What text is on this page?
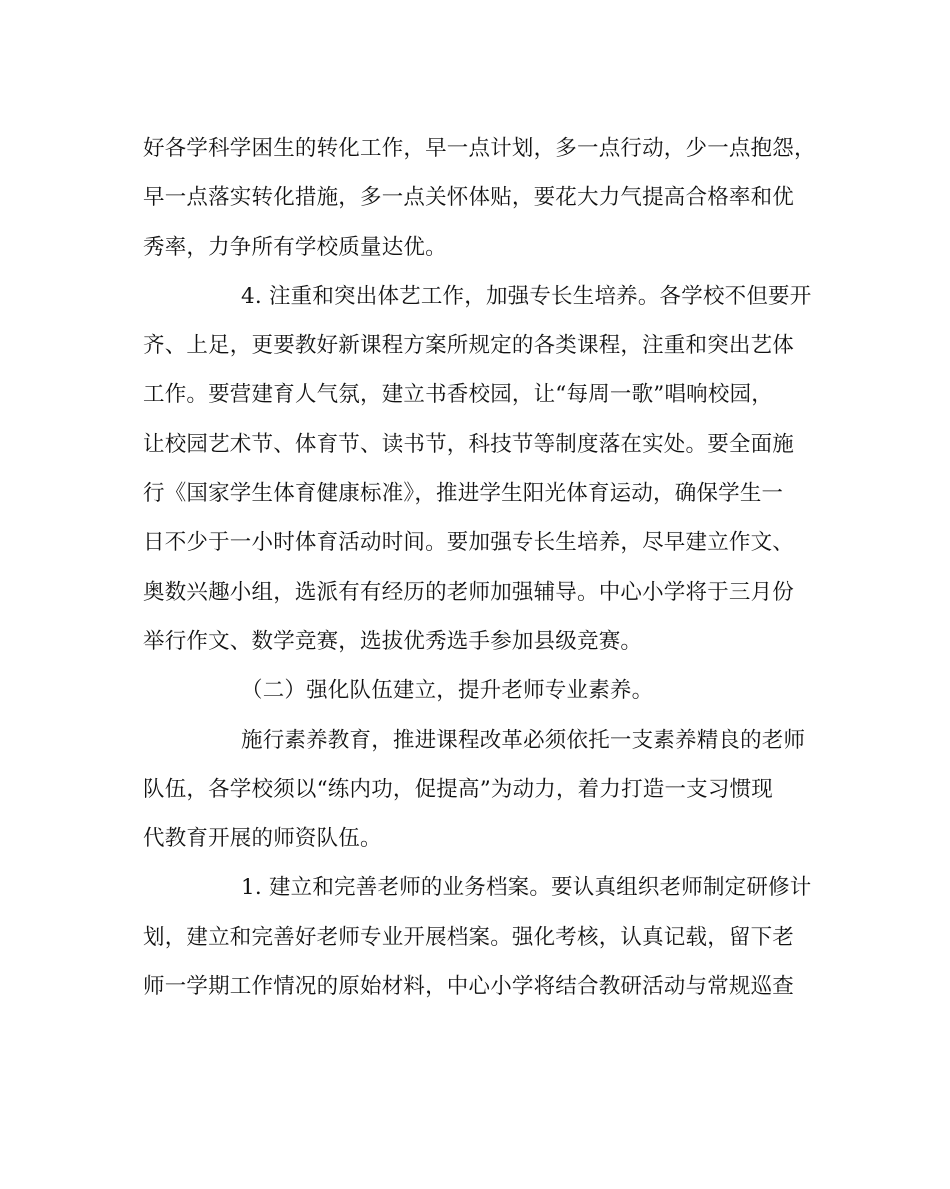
好各学科学困生的转化工作，早一点计划，多一点行动，少一点抱怨，
早一点落实转化措施，多一点关怀体贴，要花大力气提高合格率和优
秀率，力争所有学校质量达优。
4. 注重和突出体艺工作，加强专长生培养。各学校不但要开
齐、上足，更要教好新课程方案所规定的各类课程，注重和突出艺体
工作。要营建育人气氛，建立书香校园，让“每周一歌”唱响校园，
让校园艺术节、体育节、读书节，科技节等制度落在实处。要全面施
行《国家学生体育健康标准》，推进学生阳光体育运动，确保学生一
日不少于一小时体育活动时间。要加强专长生培养，尽早建立作文、
奥数兴趣小组，选派有有经历的老师加强辅导。中心小学将于三月份
举行作文、数学竞赛，选拔优秀选手参加县级竞赛。
（二）强化队伍建立，提升老师专业素养。
施行素养教育，推进课程改革必须依托一支素养精良的老师
队伍，各学校须以“练内功，促提高”为动力，着力打造一支习惯现
代教育开展的师资队伍。
1. 建立和完善老师的业务档案。要认真组织老师制定研修计
划，建立和完善好老师专业开展档案。强化考核，认真记载，留下老
师一学期工作情况的原始材料，中心小学将结合教研活动与常规巡查
